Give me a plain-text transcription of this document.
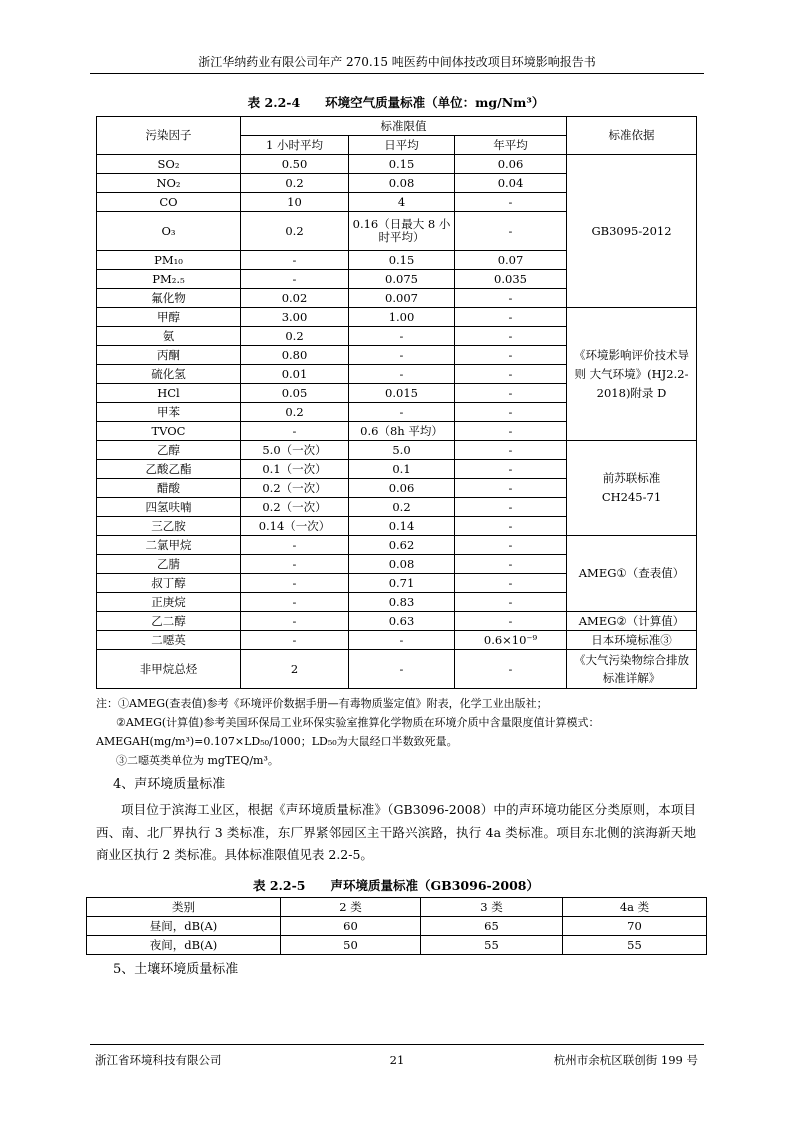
浙江华纳药业有限公司年产 270.15 吨医药中间体技改项目环境影响报告书
表 2.2-4　　环境空气质量标准（单位：mg/Nm³）
污染因子	标准限值			标准依据
	1 小时平均	日平均	年平均	
SO₂	0.50	0.15	0.06	GB3095-2012
NO₂	0.2	0.08	0.04	
CO	10	4	-	
O₃	0.2	0.16（日最大 8 小时平均）	-	
PM₁₀	-	0.15	0.07	
PM₂.₅	-	0.075	0.035	
氟化物	0.02	0.007	-	
甲醇	3.00	1.00	-	《环境影响评价技术导则 大气环境》(HJ2.2-2018)附录 D
氨	0.2	-	-	
丙酮	0.80	-	-	
硫化氢	0.01	-	-	
HCl	0.05	0.015	-	
甲苯	0.2	-	-	
TVOC	-	0.6（8h 平均）	-	
乙醇	5.0（一次）	5.0	-	前苏联标准 CH245-71
乙酸乙酯	0.1（一次）	0.1	-	
醋酸	0.2（一次）	0.06	-	
四氢呋喃	0.2（一次）	0.2	-	
三乙胺	0.14（一次）	0.14	-	
二氯甲烷	-	0.62	-	AMEG①（查表值）
乙腈	-	0.08	-	
叔丁醇	-	0.71	-	
正庚烷	-	0.83	-	
乙二醇	-	0.63	-	AMEG②（计算值）
二噁英	-	-	0.6×10⁻⁹	日本环境标准③
非甲烷总烃	2	-	-	《大气污染物综合排放标准详解》
注：①AMEG(查表值)参考《环境评价数据手册—有毒物质鉴定值》附表，化学工业出版社；
②AMEG(计算值)参考美国环保局工业环保实验室推算化学物质在环境介质中含量限度值计算模式：
AMEGAH(mg/m³)=0.107×LD₅₀/1000；LD₅₀为大鼠经口半数致死量。
③二噁英类单位为 mgTEQ/m³。
4、声环境质量标准
项目位于滨海工业区，根据《声环境质量标准》（GB3096-2008）中的声环境功能区分类原则，本项目西、南、北厂界执行 3 类标准，东厂界紧邻园区主干路兴滨路，执行 4a 类标准。项目东北侧的滨海新天地商业区执行 2 类标准。具体标准限值见表 2.2-5。
表 2.2-5　　声环境质量标准（GB3096-2008）
类别	2 类	3 类	4a 类
昼间，dB(A)	60	65	70
夜间，dB(A)	50	55	55
5、土壤环境质量标准
浙江省环境科技有限公司	21	杭州市余杭区联创街 199 号
